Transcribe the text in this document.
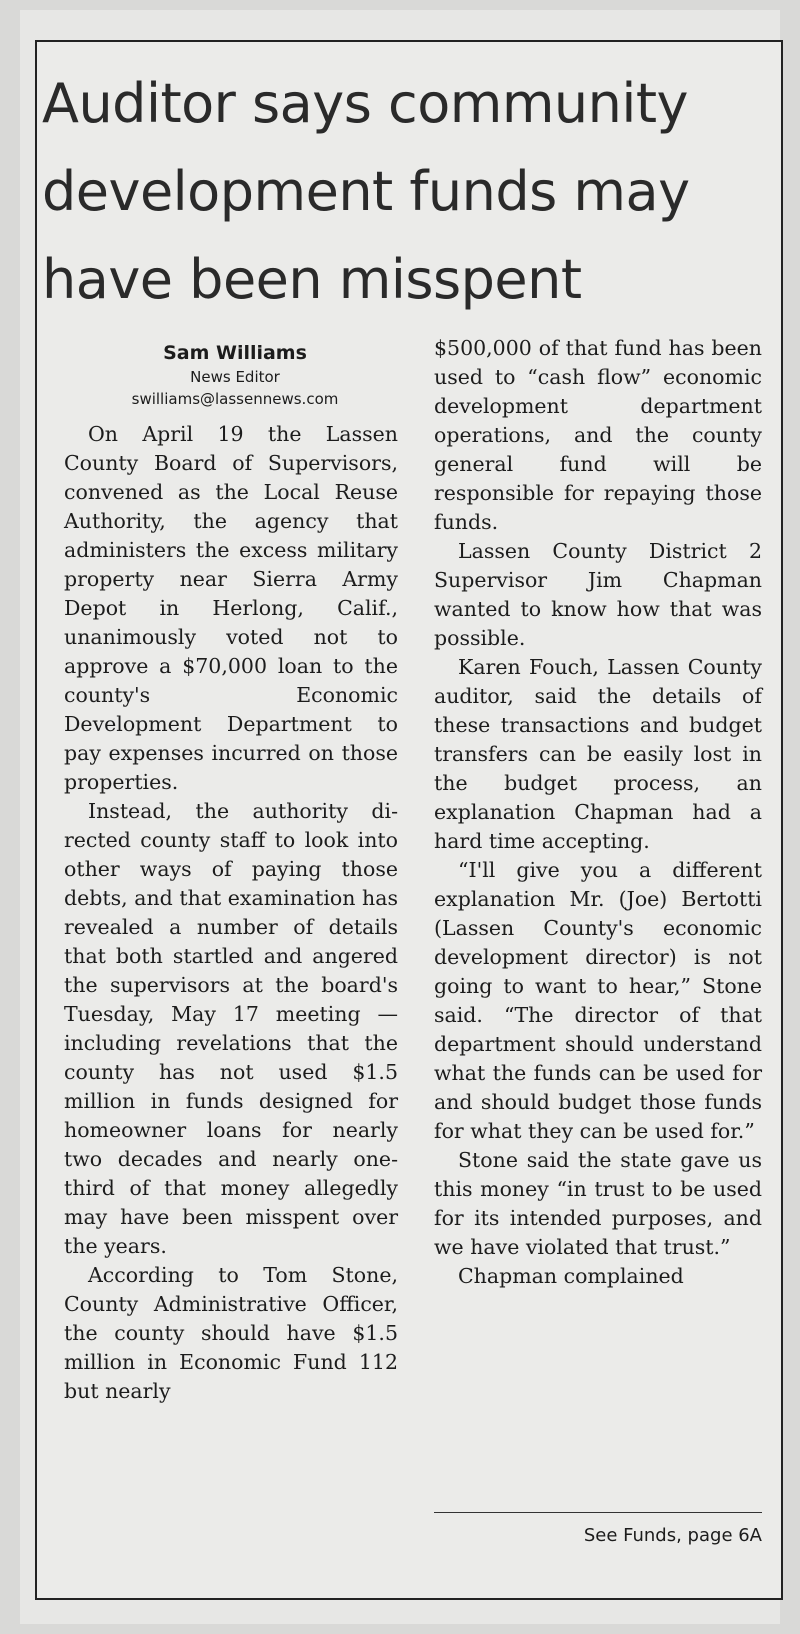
Auditor says community development funds may have been misspent
Sam Williams
News Editor
swilliams@lassennews.com

On April 19 the Lassen County Board of Supervisors, convened as the Local Reuse Authority, the agency that administers the excess military property near Sierra Army Depot in Herlong, Calif., unanimously voted not to approve a $70,000 loan to the county's Economic Development Department to pay expenses incurred on those properties.

Instead, the authority directed county staff to look into other ways of paying those debts, and that examination has revealed a number of details that both startled and angered the supervisors at the board's Tuesday, May 17 meeting — including revelations that the county has not used $1.5 million in funds designed for homeowner loans for nearly two decades and nearly one-third of that money allegedly may have been misspent over the years.

According to Tom Stone, County Administrative Officer, the county should have $1.5 million in Economic Fund 112 but nearly

$500,000 of that fund has been used to “cash flow” economic development department operations, and the county general fund will be responsible for repaying those funds.

Lassen County District 2 Supervisor Jim Chapman wanted to know how that was possible.

Karen Fouch, Lassen County auditor, said the details of these transactions and budget transfers can be easily lost in the budget process, an explanation Chapman had a hard time accepting.

“I'll give you a different explanation Mr. (Joe) Bertotti (Lassen County's economic development director) is not going to want to hear,” Stone said. “The director of that department should understand what the funds can be used for and should budget those funds for what they can be used for.”

Stone said the state gave us this money “in trust to be used for its intended purposes, and we have violated that trust.”

Chapman complained

See Funds, page 6A
